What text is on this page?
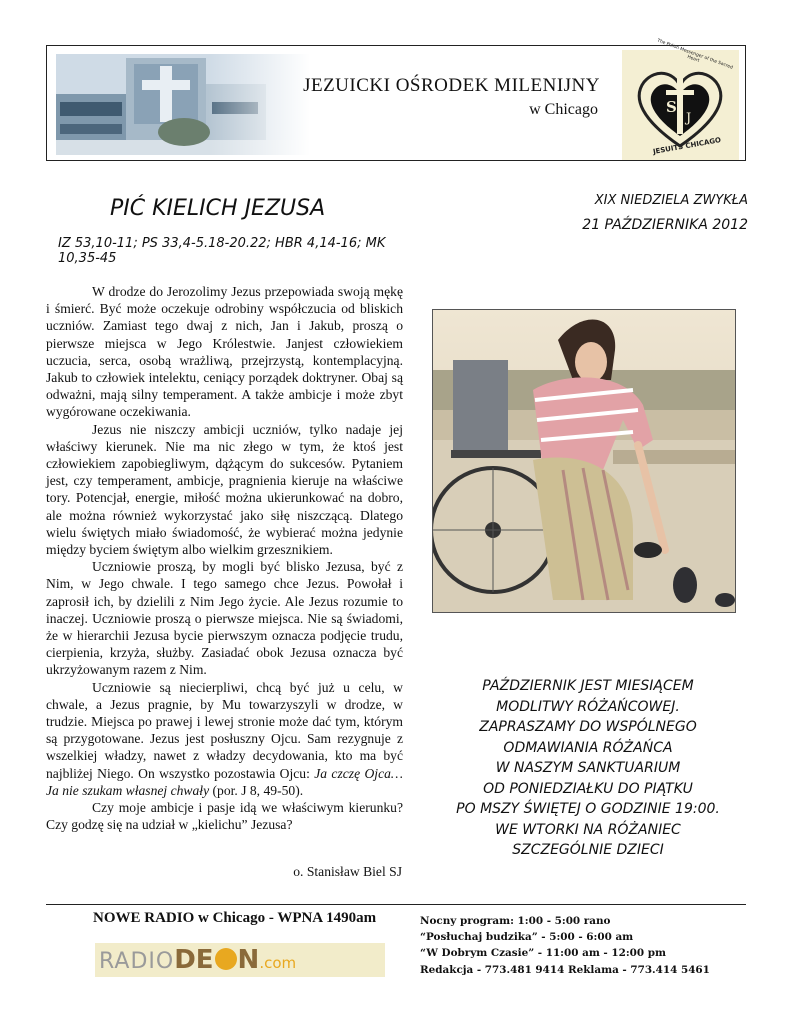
JEZUICKI OŚRODEK MILENIJNY
w Chicago	S
J
The Polish Messenger of the Sacred Heart
JESUITS CHICAGO
PIĆ KIELICH JEZUSA
IZ 53,10-11; PS 33,4-5.18-20.22; HBR 4,14-16; MK 10,35-45
XIX NIEDZIELA ZWYKŁA
21 PAŹDZIERNIKA 2012

W drodze do Jerozolimy Jezus przepowiada swoją mękę i śmierć. Być może oczekuje odrobiny współczucia od bliskich uczniów. Zamiast tego dwaj z nich, Jan i Jakub, proszą o pierwsze miejsca w Jego Królestwie. Janjest człowiekiem uczucia, serca, osobą wrażliwą, przejrzystą, kontemplacyjną. Jakub to człowiek intelektu, ceniący porządek doktryner. Obaj są odważni, mają silny temperament. A także ambicje i może zbyt wygórowane oczekiwania.

Jezus nie niszczy ambicji uczniów, tylko nadaje jej właściwy kierunek. Nie ma nic złego w tym, że ktoś jest człowiekiem zapobiegliwym, dążącym do sukcesów. Pytaniem jest, czy temperament, ambicje, pragnienia kieruje na właściwe tory. Potencjał, energie, miłość można ukierunkować na dobro, ale można również wykorzystać jako siłę niszczącą. Dlatego wielu świętych miało świadomość, że wybierać można jedynie między byciem świętym albo wielkim grzesznikiem.

Uczniowie proszą, by mogli być blisko Jezusa, być z Nim, w Jego chwale. I tego samego chce Jezus. Powołał i zaprosił ich, by dzielili z Nim Jego życie. Ale Jezus rozumie to inaczej. Uczniowie proszą o pierwsze miejsca. Nie są świadomi, że w hierarchii Jezusa bycie pierwszym oznacza podjęcie trudu, cierpienia, krzyża, służby. Zasiadać obok Jezusa oznacza być ukrzyżowanym razem z Nim.

Uczniowie są niecierpliwi, chcą być już u celu, w chwale, a Jezus pragnie, by Mu towarzyszyli w drodze, w trudzie. Miejsca po prawej i lewej stronie może dać tym, którym są przygotowane. Jezus jest posłuszny Ojcu. Sam rezygnuje z wszelkiej władzy, nawet z władzy decydowania, kto ma być najbliżej Niego. On wszystko pozostawia Ojcu: Ja czczę Ojca… Ja nie szukam własnej chwały (por. J 8, 49-50).

Czy moje ambicje i pasje idą we właściwym kierunku? Czy godzę się na udział w „kielichu” Jezusa?

o. Stanisław Biel SJ
PAŹDZIERNIK JEST MIESIĄCEM
MODLITWY RÓŻAŃCOWEJ.
ZAPRASZAMY DO WSPÓLNEGO
ODMAWIANIA RÓŻAŃCA
W NASZYM SANKTUARIUM
OD PONIEDZIAŁKU DO PIĄTKU
PO MSZY ŚWIĘTEJ O GODZINIE 19:00.
WE WTORKI NA RÓŻANIEC
SZCZEGÓLNIE DZIECI
NOWE RADIO w Chicago - WPNA 1490am
RADIODE N.com
Nocny program: 1:00 - 5:00 rano
“Posłuchaj budzika” - 5:00 - 6:00 am
“W Dobrym Czasie” - 11:00 am - 12:00 pm
Redakcja - 773.481 9414 Reklama - 773.414 5461
